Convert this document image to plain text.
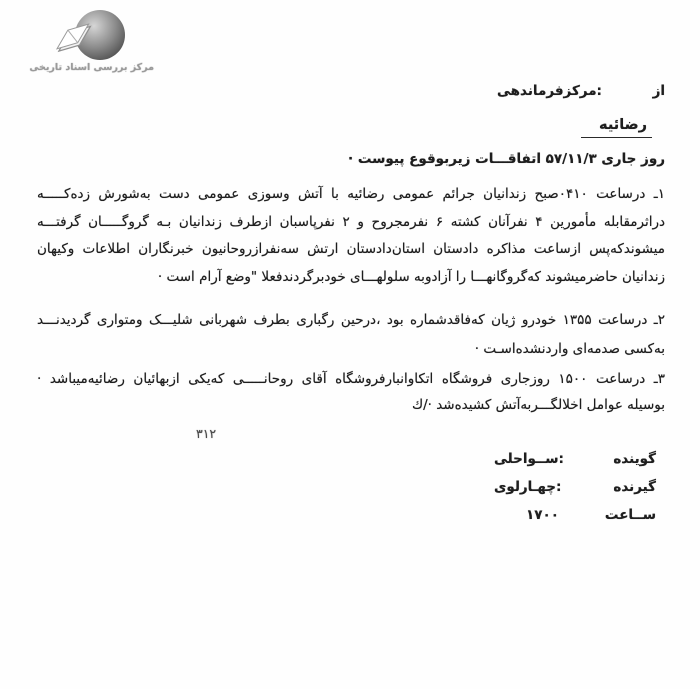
مرکز بررسی اسناد تاریخی
از
:مرکزفرماندهی
رضائیه
روز جاری ۵۷/۱۱/۳ اتفاقـــات زیربوقوع پیوست ·
۱ـ درساعت ۰۴۱۰صبح زندانیان جرائم عمومی رضائیه با آتش وسوزی عمومی دست به‌شورش زده‌کـــــه
دراثرمقابله مأمورین ۴ نفرآنان کشته ۶ نفرمجروح و ۲ نفرپاسبان ازطرف زندانیان بـه گروگـــــان گرفتـــه
میشوندکه‌پس ازساعت مذاکره دادستان استان‌دادستان ارتش سه‌نفرازروحانیون خبرنگاران اطلاعات وکیهان
زندانیان حاضرمیشوند که‌گروگانهـــا را آزادوبه سلولهـــای خودبرگردندفعلا "وضع آرام است ·
۲ـ درساعت ۱۳۵۵ خودرو ژیان که‌فاقدشماره بود ،درحین رگباری بطرف شهربانی شلیـــک ومتواری گردیدنـــد
به‌کسی صدمه‌ای واردنشده‌اسـت ·
۳ـ درساعت ۱۵۰۰ روزجاری فروشگاه اتکاوانبارفروشگاه آقای روحانـــــی که‌یکی ازبهائیان رضائیه‌میباشد ·
بوسیله عوامل اخلالگـــربه‌آتش کشیده‌شد ·/ك
۳۱۲
گوینده
:ســواحلی
گیرنده
:چهـارلوی
ســاعت
۱۷۰۰
